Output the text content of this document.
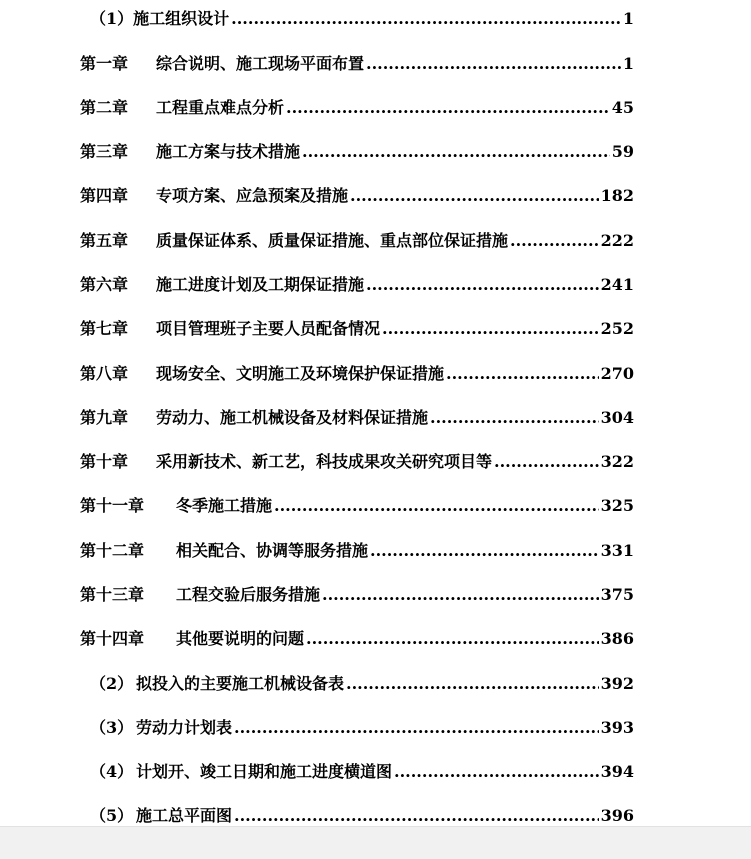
（1） 施工组织设计 .....	1
第一章	综合说明、施工现场平面布置 .....	1
第二章	工程重点难点分析 .....	45
第三章	施工方案与技术措施 .....	59
第四章	专项方案、应急预案及措施 .....	182
第五章	质量保证体系、质量保证措施、重点部位保证措施 .....	222
第六章	施工进度计划及工期保证措施 .....	241
第七章	项目管理班子主要人员配备情况 .....	252
第八章	现场安全、文明施工及环境保护保证措施 .....	270
第九章	劳动力、施工机械设备及材料保证措施 .....	304
第十章	采用新技术、新工艺，科技成果攻关研究项目等 .....	322
第十一章	冬季施工措施 .....	325
第十二章	相关配合、协调等服务措施 .....	331
第十三章	工程交验后服务措施 .....	375
第十四章	其他要说明的问题 .....	386
（2） 拟投入的主要施工机械设备表 .....	392
（3） 劳动力计划表 .....	393
（4） 计划开、竣工日期和施工进度横道图 .....	394
（5） 施工总平面图 .....	396
